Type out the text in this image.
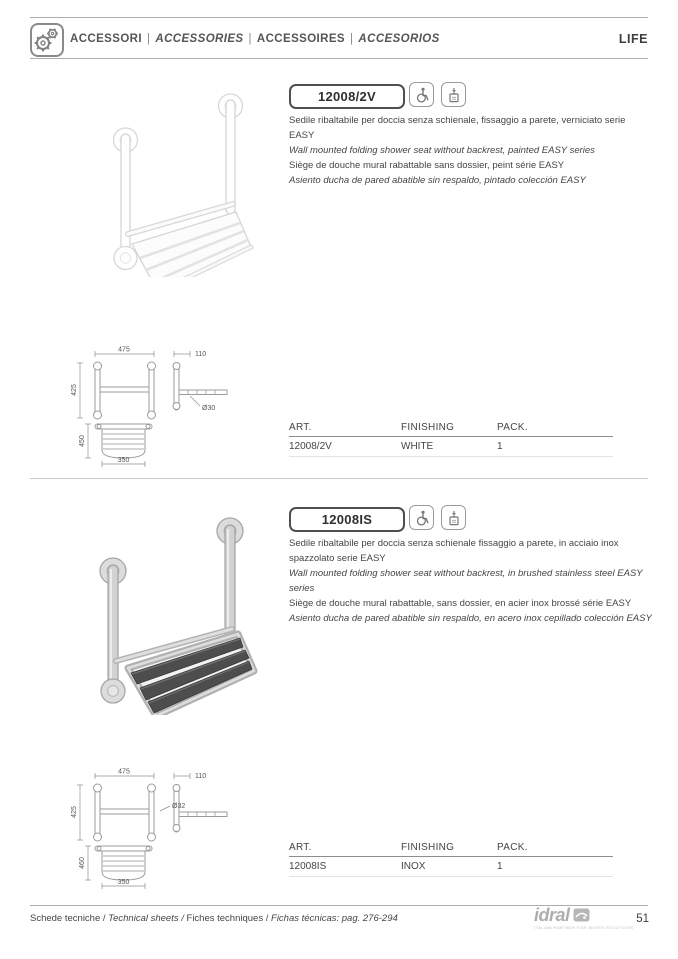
ACCESSORI | ACCESSORIES | ACCESSOIRES | ACCESORIOS	LIFE
12008/2V

Sedile ribaltabile per doccia senza schienale, fissaggio a parete, verniciato serie EASY

Wall mounted folding shower seat without backrest, painted EASY series

Siège de douche mural rabattable sans dossier, peint série EASY

Asiento ducha de pared abatible sin respaldo, pintado colección EASY

475
425
110
Ø30
450
350
ART.	FINISHING	PACK.
12008/2V	WHITE	1
12008IS

Sedile ribaltabile per doccia senza schienale fissaggio a parete, in acciaio inox spazzolato serie EASY

Wall mounted folding shower seat without backrest, in brushed stainless steel EASY series

Siège de douche mural rabattable, sans dossier, en acier inox brossé série EASY

Asiento ducha de pared abatible sin respaldo, en acero inox cepillado colección EASY

475
425
110
Ø32
460
350
ART.	FINISHING	PACK.
12008IS	INOX	1
Schede tecniche / Technical sheets / Fiches techniques / Fichas técnicas: pag. 276-294	idral
ITALIAN PARTNER FOR WATER SOLUTIONS
51
